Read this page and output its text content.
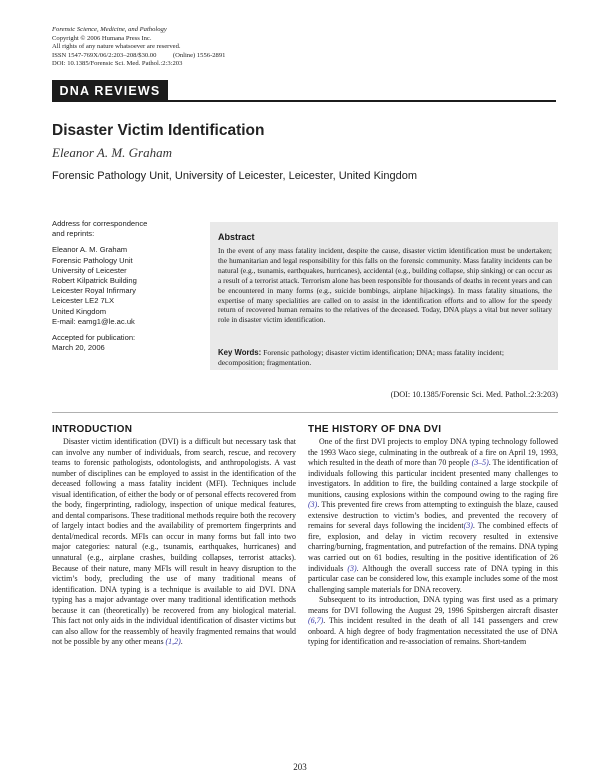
Forensic Science, Medicine, and Pathology
Copyright © 2006 Humana Press Inc.
All rights of any nature whatsoever are reserved.
ISSN 1547-769X/06/2:203–208/$30.00          (Online) 1556-2891
DOI: 10.1385/Forensic Sci. Med. Pathol.:2:3:203
DNA REVIEWS
Disaster Victim Identification
Eleanor A. M. Graham
Forensic Pathology Unit, University of Leicester, Leicester, United Kingdom
Address for correspondence
and reprints:
Eleanor A. M. Graham
Forensic Pathology Unit
University of Leicester
Robert Kilpatrick Building
Leicester Royal Infirmary
Leicester LE2 7LX
United Kingdom
E-mail: eamg1@le.ac.uk
Accepted for publication:
March 20, 2006
Abstract
In the event of any mass fatality incident, despite the cause, disaster victim identification must be undertaken; the humanitarian and legal responsibility for this falls on the forensic community. Mass fatality incidents can be natural (e.g., tsunamis, earthquakes, hurricanes), accidental (e.g., building collapse, ship sinking) or can occur as a result of a terrorist attack. Terrorism alone has been responsible for thousands of deaths in recent years and can be encountered in many forms (e.g., suicide bombings, airplane hijackings). In mass fatality situations, the expertise of many specialities are called on to assist in the identification efforts and to allow for the speedy return of recovered human remains to the relatives of the deceased. Today, DNA plays a vital but never solitary role in disaster victim identification.
Key Words: Forensic pathology; disaster victim identification; DNA; mass fatality incident; decomposition; fragmentation.
(DOI: 10.1385/Forensic Sci. Med. Pathol.:2:3:203)
INTRODUCTION

Disaster victim identification (DVI) is a difficult but necessary task that can involve any number of individuals, from search, rescue, and recovery teams to forensic pathologists, odontologists, and anthropologists. A vast number of disciplines can be employed to assist in the identification of the deceased following a mass fatality incident (MFI). Techniques include visual identification, of either the body or of personal effects recovered from the body, fingerprinting, radiology, inspection of unique medical features, and dental comparisons. These traditional methods require both the recovery of largely intact bodies and the availability of premortem fingerprints and dental/medical records. MFIs can occur in many forms but fall into two major categories: natural (e.g., tsunamis, earthquakes, hurricanes) and unnatural (e.g., airplane crashes, building collapses, terrorist attacks). Because of their nature, many MFIs will result in heavy disruption to the victim’s body, precluding the use of many traditional means of identification. DNA typing is a technique is available to aid DVI. DNA typing has a major advantage over many traditional identification methods because it can (theoretically) be recovered from any biological material. This fact not only aids in the individual identification of disaster victims but can also allow for the reassembly of heavily fragmented remains that would not be possible by any other means (1,2).

THE HISTORY OF DNA DVI

One of the first DVI projects to employ DNA typing technology followed the 1993 Waco siege, culminating in the outbreak of a fire on April 19, 1993, which resulted in the death of more than 70 people (3–5). The identification of individuals following this particular incident presented many challenges to investigators. In addition to fire, the building contained a large stockpile of munitions, causing explosions within the compound owing to the raging fire (3). This prevented fire crews from attempting to extinguish the blaze, caused extensive destruction to victim’s bodies, and prevented the recovery of remains for several days following the incident(3). The combined effects of fire, explosion, and delay in victim recovery resulted in extensive charring/burning, fragmentation, and putrefaction of the remains. DNA typing was carried out on 61 bodies, resulting in the positive identification of 26 individuals (3). Although the overall success rate of DNA typing in this particular case can be considered low, this example includes some of the most challenging sample materials for DNA recovery.

Subsequent to its introduction, DNA typing was first used as a primary means for DVI following the August 29, 1996 Spitsbergen aircraft disaster (6,7). This incident resulted in the death of all 141 passengers and crew onboard. A high degree of body fragmentation necessitated the use of DNA typing for identification and re-association of remains. Short-tandem

203
